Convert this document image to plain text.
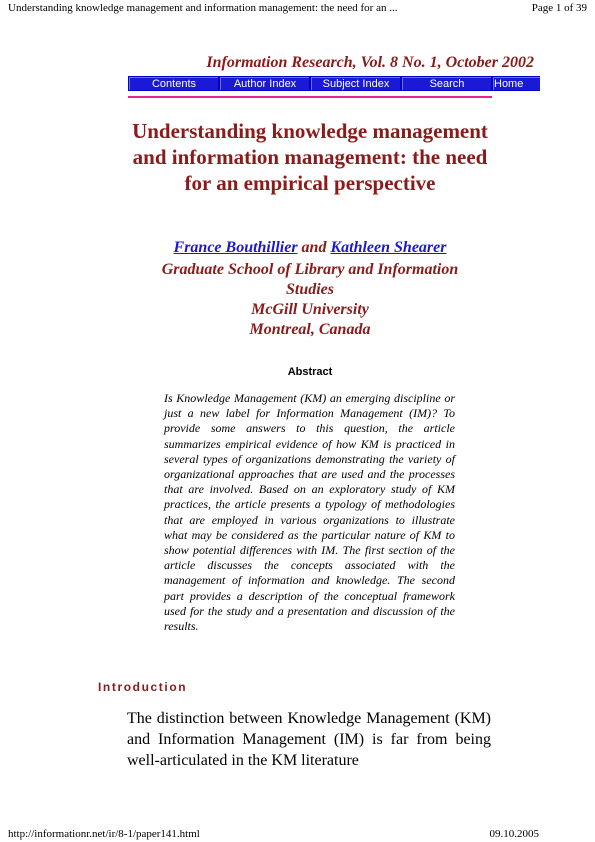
Understanding knowledge management and information management: the need for an ...	Page 1 of 39
Information Research, Vol. 8 No. 1, October 2002
Contents	Author Index	Subject Index	Search	Home
Understanding knowledge management and information management: the need for an empirical perspective
France Bouthillier and Kathleen Shearer
Graduate School of Library and Information
Studies
McGill University
Montreal, Canada
Abstract

Is Knowledge Management (KM) an emerging discipline or just a new label for Information Management (IM)? To provide some answers to this question, the article summarizes empirical evidence of how KM is practiced in several types of organizations demonstrating the variety of organizational approaches that are used and the processes that are involved. Based on an exploratory study of KM practices, the article presents a typology of methodologies that are employed in various organizations to illustrate what may be considered as the particular nature of KM to show potential differences with IM. The first section of the article discusses the concepts associated with the management of information and knowledge. The second part provides a description of the conceptual framework used for the study and a presentation and discussion of the results.

Introduction

The distinction between Knowledge Management (KM) and Information Management (IM) is far from being well-articulated in the KM literature

http://informationr.net/ir/8-1/paper141.html	09.10.2005
